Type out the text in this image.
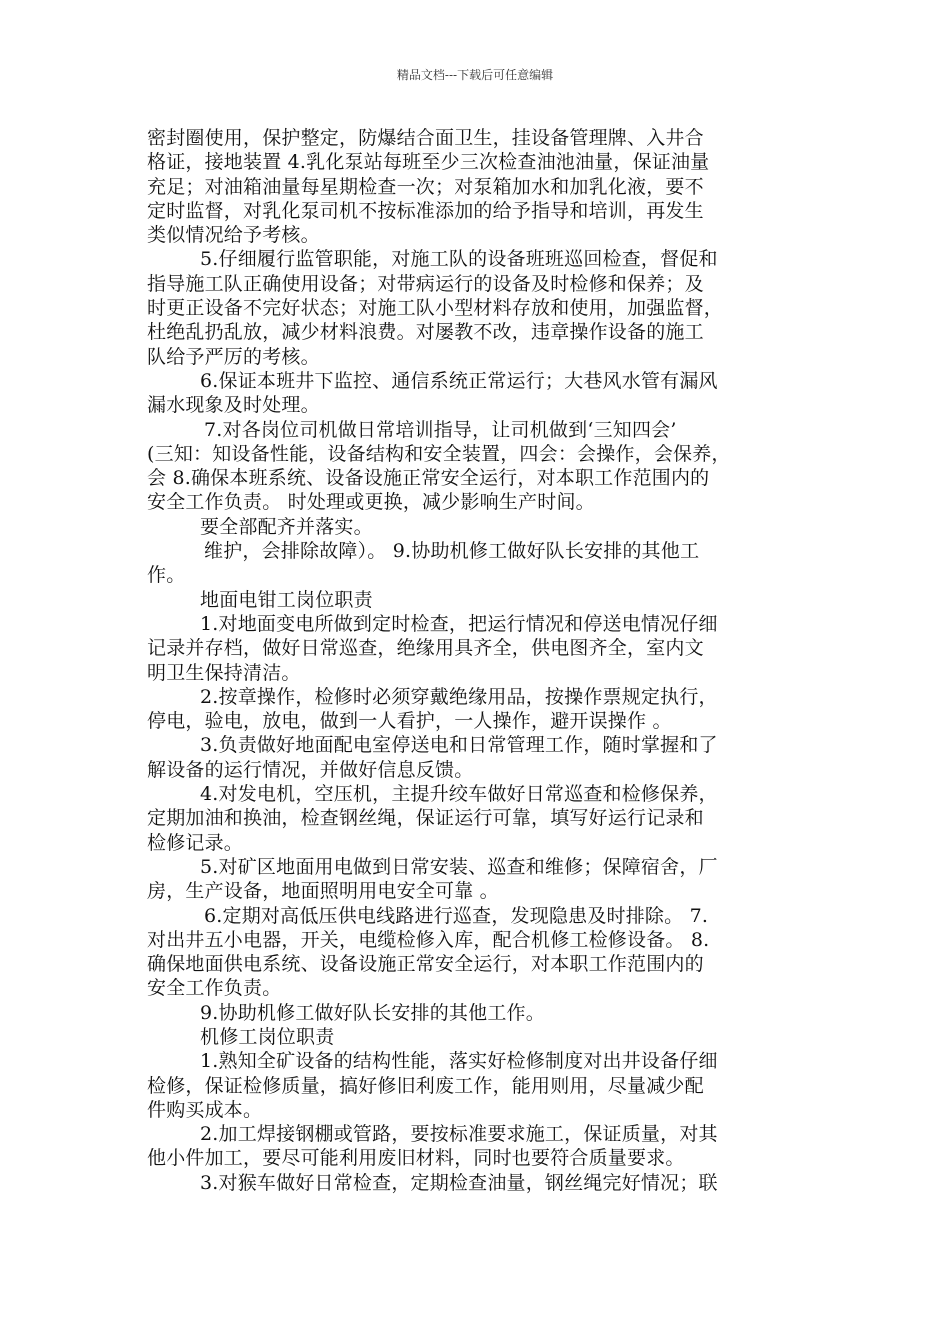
精品文档---下载后可任意编辑
密封圈使用，保护整定，防爆结合面卫生，挂设备管理牌、入井合
格证，接地装置 4.乳化泵站每班至少三次检查油池油量，保证油量
充足；对油箱油量每星期检查一次；对泵箱加水和加乳化液，要不
定时监督，对乳化泵司机不按标准添加的给予指导和培训，再发生
类似情况给予考核。
5.仔细履行监管职能，对施工队的设备班班巡回检查，督促和
指导施工队正确使用设备；对带病运行的设备及时检修和保养；及
时更正设备不完好状态；对施工队小型材料存放和使用，加强监督，
杜绝乱扔乱放，减少材料浪费。对屡教不改，违章操作设备的施工
队给予严厉的考核。
6.保证本班井下监控、通信系统正常运行；大巷风水管有漏风
漏水现象及时处理。
7.对各岗位司机做日常培训指导，让司机做到‘三知四会’
(三知：知设备性能，设备结构和安全装置，四会：会操作，会保养，
会 8.确保本班系统、设备设施正常安全运行，对本职工作范围内的
安全工作负责。 时处理或更换，减少影响生产时间。
要全部配齐并落实。
维护，会排除故障）。 9.协助机修工做好队长安排的其他工
作。
地面电钳工岗位职责
1.对地面变电所做到定时检查，把运行情况和停送电情况仔细
记录并存档，做好日常巡查，绝缘用具齐全，供电图齐全，室内文
明卫生保持清洁。
2.按章操作，检修时必须穿戴绝缘用品，按操作票规定执行，
停电，验电，放电，做到一人看护，一人操作，避开误操作 。
3.负责做好地面配电室停送电和日常管理工作，随时掌握和了
解设备的运行情况，并做好信息反馈。
4.对发电机，空压机，主提升绞车做好日常巡查和检修保养，
定期加油和换油，检查钢丝绳，保证运行可靠，填写好运行记录和
检修记录。
5.对矿区地面用电做到日常安装、巡查和维修；保障宿舍，厂
房，生产设备，地面照明用电安全可靠 。
6.定期对高低压供电线路进行巡查，发现隐患及时排除。 7.
对出井五小电器，开关，电缆检修入库，配合机修工检修设备。 8.
确保地面供电系统、设备设施正常安全运行，对本职工作范围内的
安全工作负责。
9.协助机修工做好队长安排的其他工作。
机修工岗位职责
1.熟知全矿设备的结构性能，落实好检修制度对出井设备仔细
检修，保证检修质量，搞好修旧利废工作，能用则用，尽量减少配
件购买成本。
2.加工焊接钢棚或管路，要按标准要求施工，保证质量，对其
他小件加工，要尽可能利用废旧材料，同时也要符合质量要求。
3.对猴车做好日常检查，定期检查油量，钢丝绳完好情况；联
